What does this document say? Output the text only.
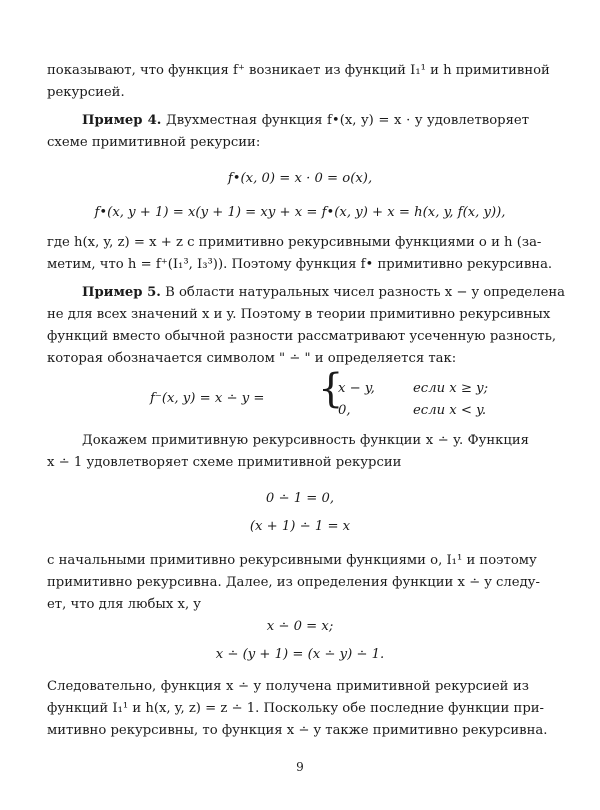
показывают, что функция f⁺ возникает из функций I₁¹ и h примитивной
рекурсией.
Пример 4. Двухместная функция f•(x, y) = x · y удовлетворяет
схеме примитивной рекурсии:
f•(x, 0) = x · 0 = o(x),
f•(x, y + 1) = x(y + 1) = xy + x = f•(x, y) + x = h(x, y, f(x, y)),
где h(x, y, z) = x + z с примитивно рекурсивными функциями o и h (за-
метим, что h = f⁺(I₁³, I₃³)). Поэтому функция f• примитивно рекурсивна.
Пример 5. В области натуральных чисел разность x − y определена
не для всех значений x и y. Поэтому в теории примитивно рекурсивных
функций вместо обычной разности рассматривают усеченную разность,
которая обозначается символом " ∸ " и определяется так:
f⁻(x, y) = x ∸ y =	{
x − y,	если x ≥ y;
0,	если x < y.
Докажем примитивную рекурсивность функции x ∸ y. Функция
x ∸ 1 удовлетворяет схеме примитивной рекурсии
0 ∸ 1 = 0,
(x + 1) ∸ 1 = x
с начальными примитивно рекурсивными функциями o, I₁¹ и поэтому
примитивно рекурсивна. Далее, из определения функции x ∸ y следу-
ет, что для любых x, y
x ∸ 0 = x;
x ∸ (y + 1) = (x ∸ y) ∸ 1.
Следовательно, функция x ∸ y получена примитивной рекурсией из
функций I₁¹ и h(x, y, z) = z ∸ 1. Поскольку обе последние функции при-
митивно рекурсивны, то функция x ∸ y также примитивно рекурсивна.
9
